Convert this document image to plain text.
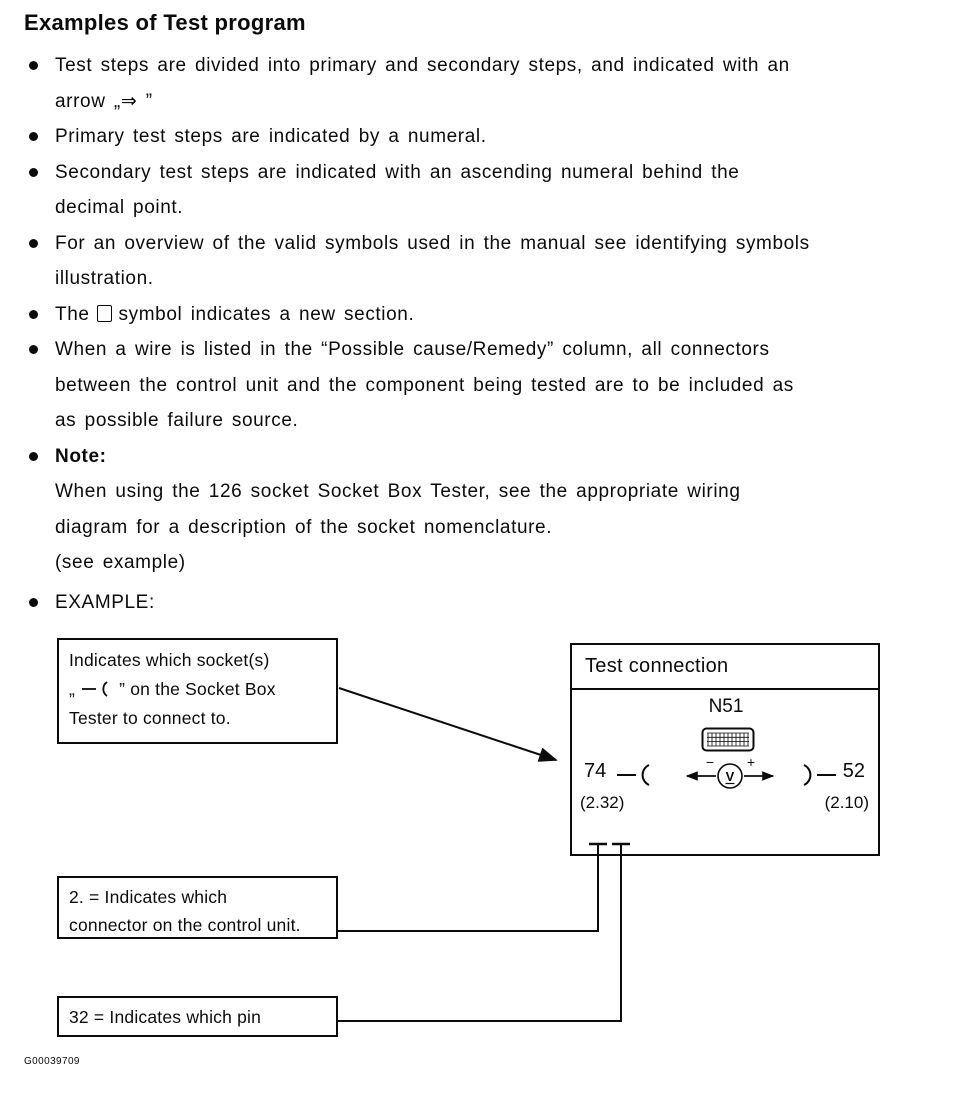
Examples of Test program
Test steps are divided into primary and secondary steps, and indicated with an
arrow „⇒ ”
Primary test steps are indicated by a numeral.
Secondary test steps are indicated with an ascending numeral behind the
decimal point.
For an overview of the valid symbols used in the manual see identifying symbols
illustration.
The symbol indicates a new section.
When a wire is listed in the “Possible cause/Remedy” column, all connectors
between the control unit and the component being tested are to be included as
as possible failure source.
Note:
When using the 126 socket Socket Box Tester, see the appropriate wiring
diagram for a description of the socket nomenclature.
(see example)
EXAMPLE:
Indicates which socket(s)
„	” on the Socket Box
Tester to connect to.
Test connection
N51
74	V
− +	52
(2.32)	(2.10)
2. = Indicates which
connector on the control unit.
32 = Indicates which pin
G00039709
